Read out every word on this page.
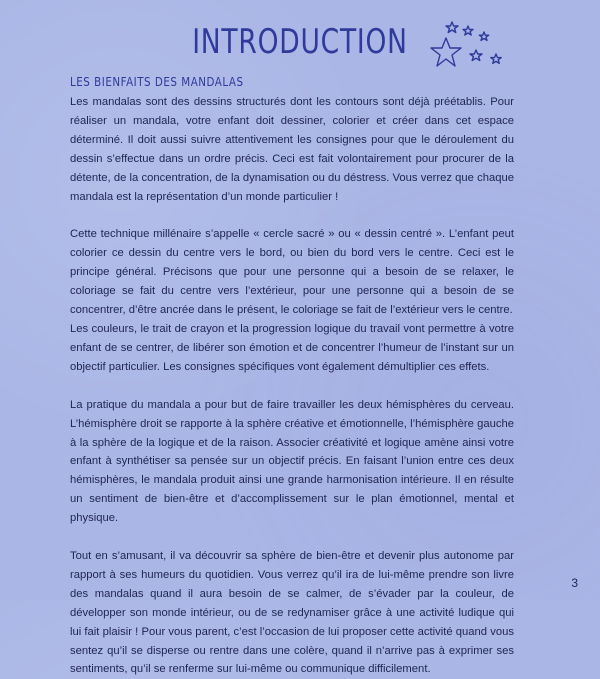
INTRODUCTION
LES BIENFAITS DES MANDALAS

Les mandalas sont des dessins structurés dont les contours sont déjà préétablis. Pour réaliser un mandala, votre enfant doit dessiner, colorier et créer dans cet espace déterminé. Il doit aussi suivre attentivement les consignes pour que le déroulement du dessin s’effectue dans un ordre précis. Ceci est fait volontairement pour procurer de la détente, de la concentration, de la dynamisation ou du déstress. Vous verrez que chaque mandala est la représentation d’un monde particulier !

Cette technique millénaire s’appelle « cercle sacré » ou « dessin centré ». L’enfant peut colorier ce dessin du centre vers le bord, ou bien du bord vers le centre. Ceci est le principe général. Précisons que pour une personne qui a besoin de se relaxer, le coloriage se fait du centre vers l’extérieur, pour une personne qui a besoin de se concentrer, d’être ancrée dans le présent, le coloriage se fait de l’extérieur vers le centre.

Les couleurs, le trait de crayon et la progression logique du travail vont permettre à votre enfant de se centrer, de libérer son émotion et de concentrer l’humeur de l’instant sur un objectif particulier. Les consignes spécifiques vont également démultiplier ces effets.

La pratique du mandala a pour but de faire travailler les deux hémisphères du cerveau. L’hémisphère droit se rapporte à la sphère créative et émotionnelle, l’hémisphère gauche à la sphère de la logique et de la raison. Associer créativité et logique amène ainsi votre enfant à synthétiser sa pensée sur un objectif précis. En faisant l’union entre ces deux hémisphères, le mandala produit ainsi une grande harmonisation intérieure. Il en résulte un sentiment de bien-être et d’accomplissement sur le plan émotionnel, mental et physique.

Tout en s’amusant, il va découvrir sa sphère de bien-être et devenir plus autonome par rapport à ses humeurs du quotidien. Vous verrez qu’il ira de lui-même prendre son livre des mandalas quand il aura besoin de se calmer, de s’évader par la couleur, de développer son monde intérieur, ou de se redynamiser grâce à une activité ludique qui lui fait plaisir ! Pour vous parent, c’est l’occasion de lui proposer cette activité quand vous sentez qu’il se disperse ou rentre dans une colère, quand il n’arrive pas à exprimer ses sentiments, qu’il se renferme sur lui-même ou communique difficilement.

3
